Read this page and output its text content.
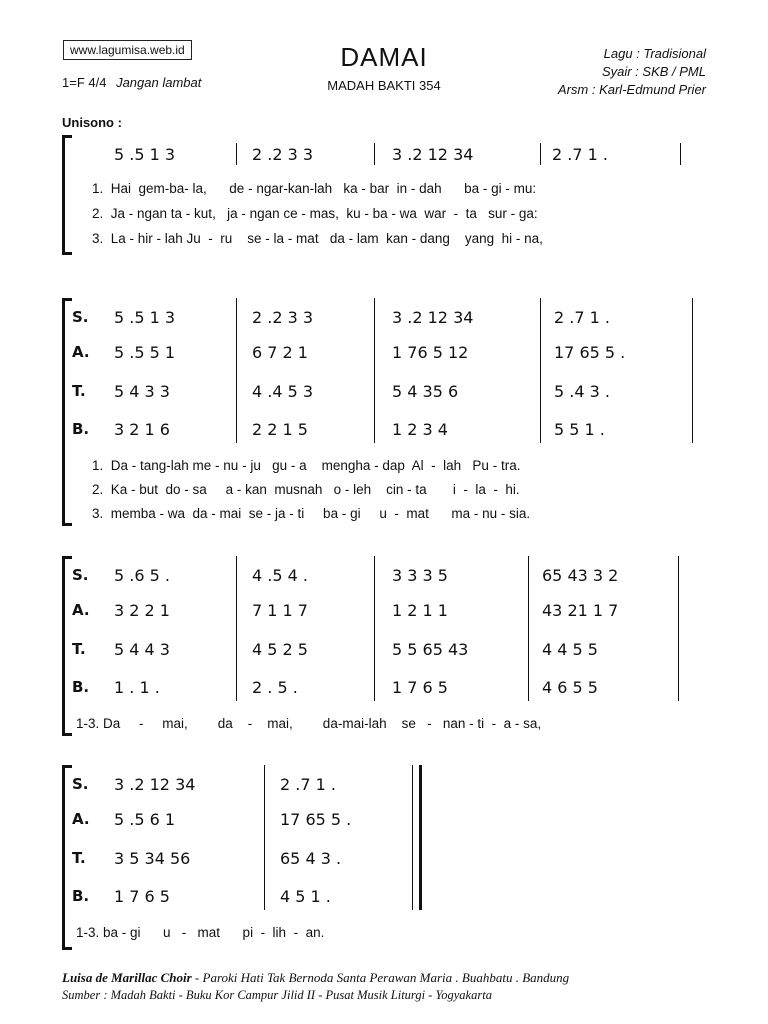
www.lagumisa.web.id	DAMAI
MADAH BAKTI 354
1=F 4/4 Jangan lambat
Lagu : Tradisional
Syair : SKB / PML
Arsm : Karl-Edmund Prier
Unisono :
5 .5 1 3	2 .2 3 3	3 .2 12 34	2 .7 1 .
1.  Hai  gem-ba- la,      de - ngar-kan-lah   ka - bar  in - dah      ba - gi - mu:
2.  Ja - ngan ta - kut,   ja - ngan ce - mas,  ku - ba - wa  war  -  ta   sur - ga:
3.  La - hir - lah Ju  -  ru    se - la - mat   da - lam  kan - dang    yang  hi - na,
S. 5 .5 1 3	2 .2 3 3	3 .2 12 34	2 .7 1 .
A. 5 .5 5 1	6 7 2 1	1 76 5 12	17 65 5 .
T. 5 4 3 3	4 .4 5 3	5 4 35 6	5 .4 3 .
B. 3 2 1 6	2 2 1 5	1 2 3 4	5 5 1 .
1.  Da - tang-lah me - nu - ju   gu - a    mengha - dap  Al  -  lah   Pu - tra.
2.  Ka - but  do - sa     a - kan  musnah   o - leh    cin - ta       i  -  la  -  hi.
3.  memba - wa  da - mai  se - ja - ti     ba - gi     u  -  mat      ma - nu - sia.
S. 5 .6 5 .	4 .5 4 .	3 3 3 5	65 43 3 2
A. 3 2 2 1	7 1 1 7	1 2 1 1	43 21 1 7
T. 5 4 4 3	4 5 2 5	5 5 65 43	4 4 5 5
B. 1 . 1 .	2 . 5 .	1 7 6 5	4 6 5 5
1-3. Da     -     mai,        da    -    mai,        da-mai-lah    se   -   nan - ti  -  a - sa,
S. 3 .2 12 34	2 .7 1 .
A. 5 .5 6 1	17 65 5 .
T. 3 5 34 56	65 4 3 .
B. 1 7 6 5	4 5 1 .
1-3. ba - gi      u   -   mat      pi  -  lih  -  an.
Luisa de Marillac Choir - Paroki Hati Tak Bernoda Santa Perawan Maria . Buahbatu . Bandung
Sumber : Madah Bakti - Buku Kor Campur Jilid II - Pusat Musik Liturgi - Yogyakarta
